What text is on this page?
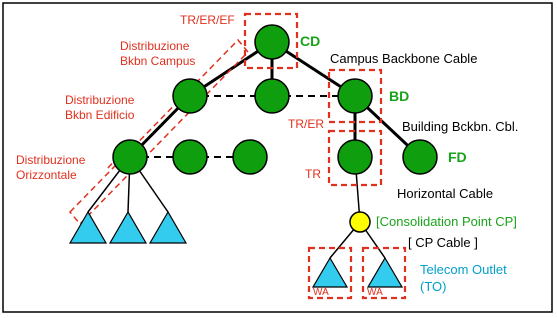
TR/ER/EF
CD
Distribuzione
Bkbn Campus
Distribuzione
Bkbn Edificio
Distribuzione
Orizzontale
Campus Backbone Cable
BD
TR/ER	Building Bckbn. Cbl.
TR
FD
Horizontal Cable
[Consolidation Point CP]
[ CP Cable ]
Telecom Outlet
(TO)
WA	WA
